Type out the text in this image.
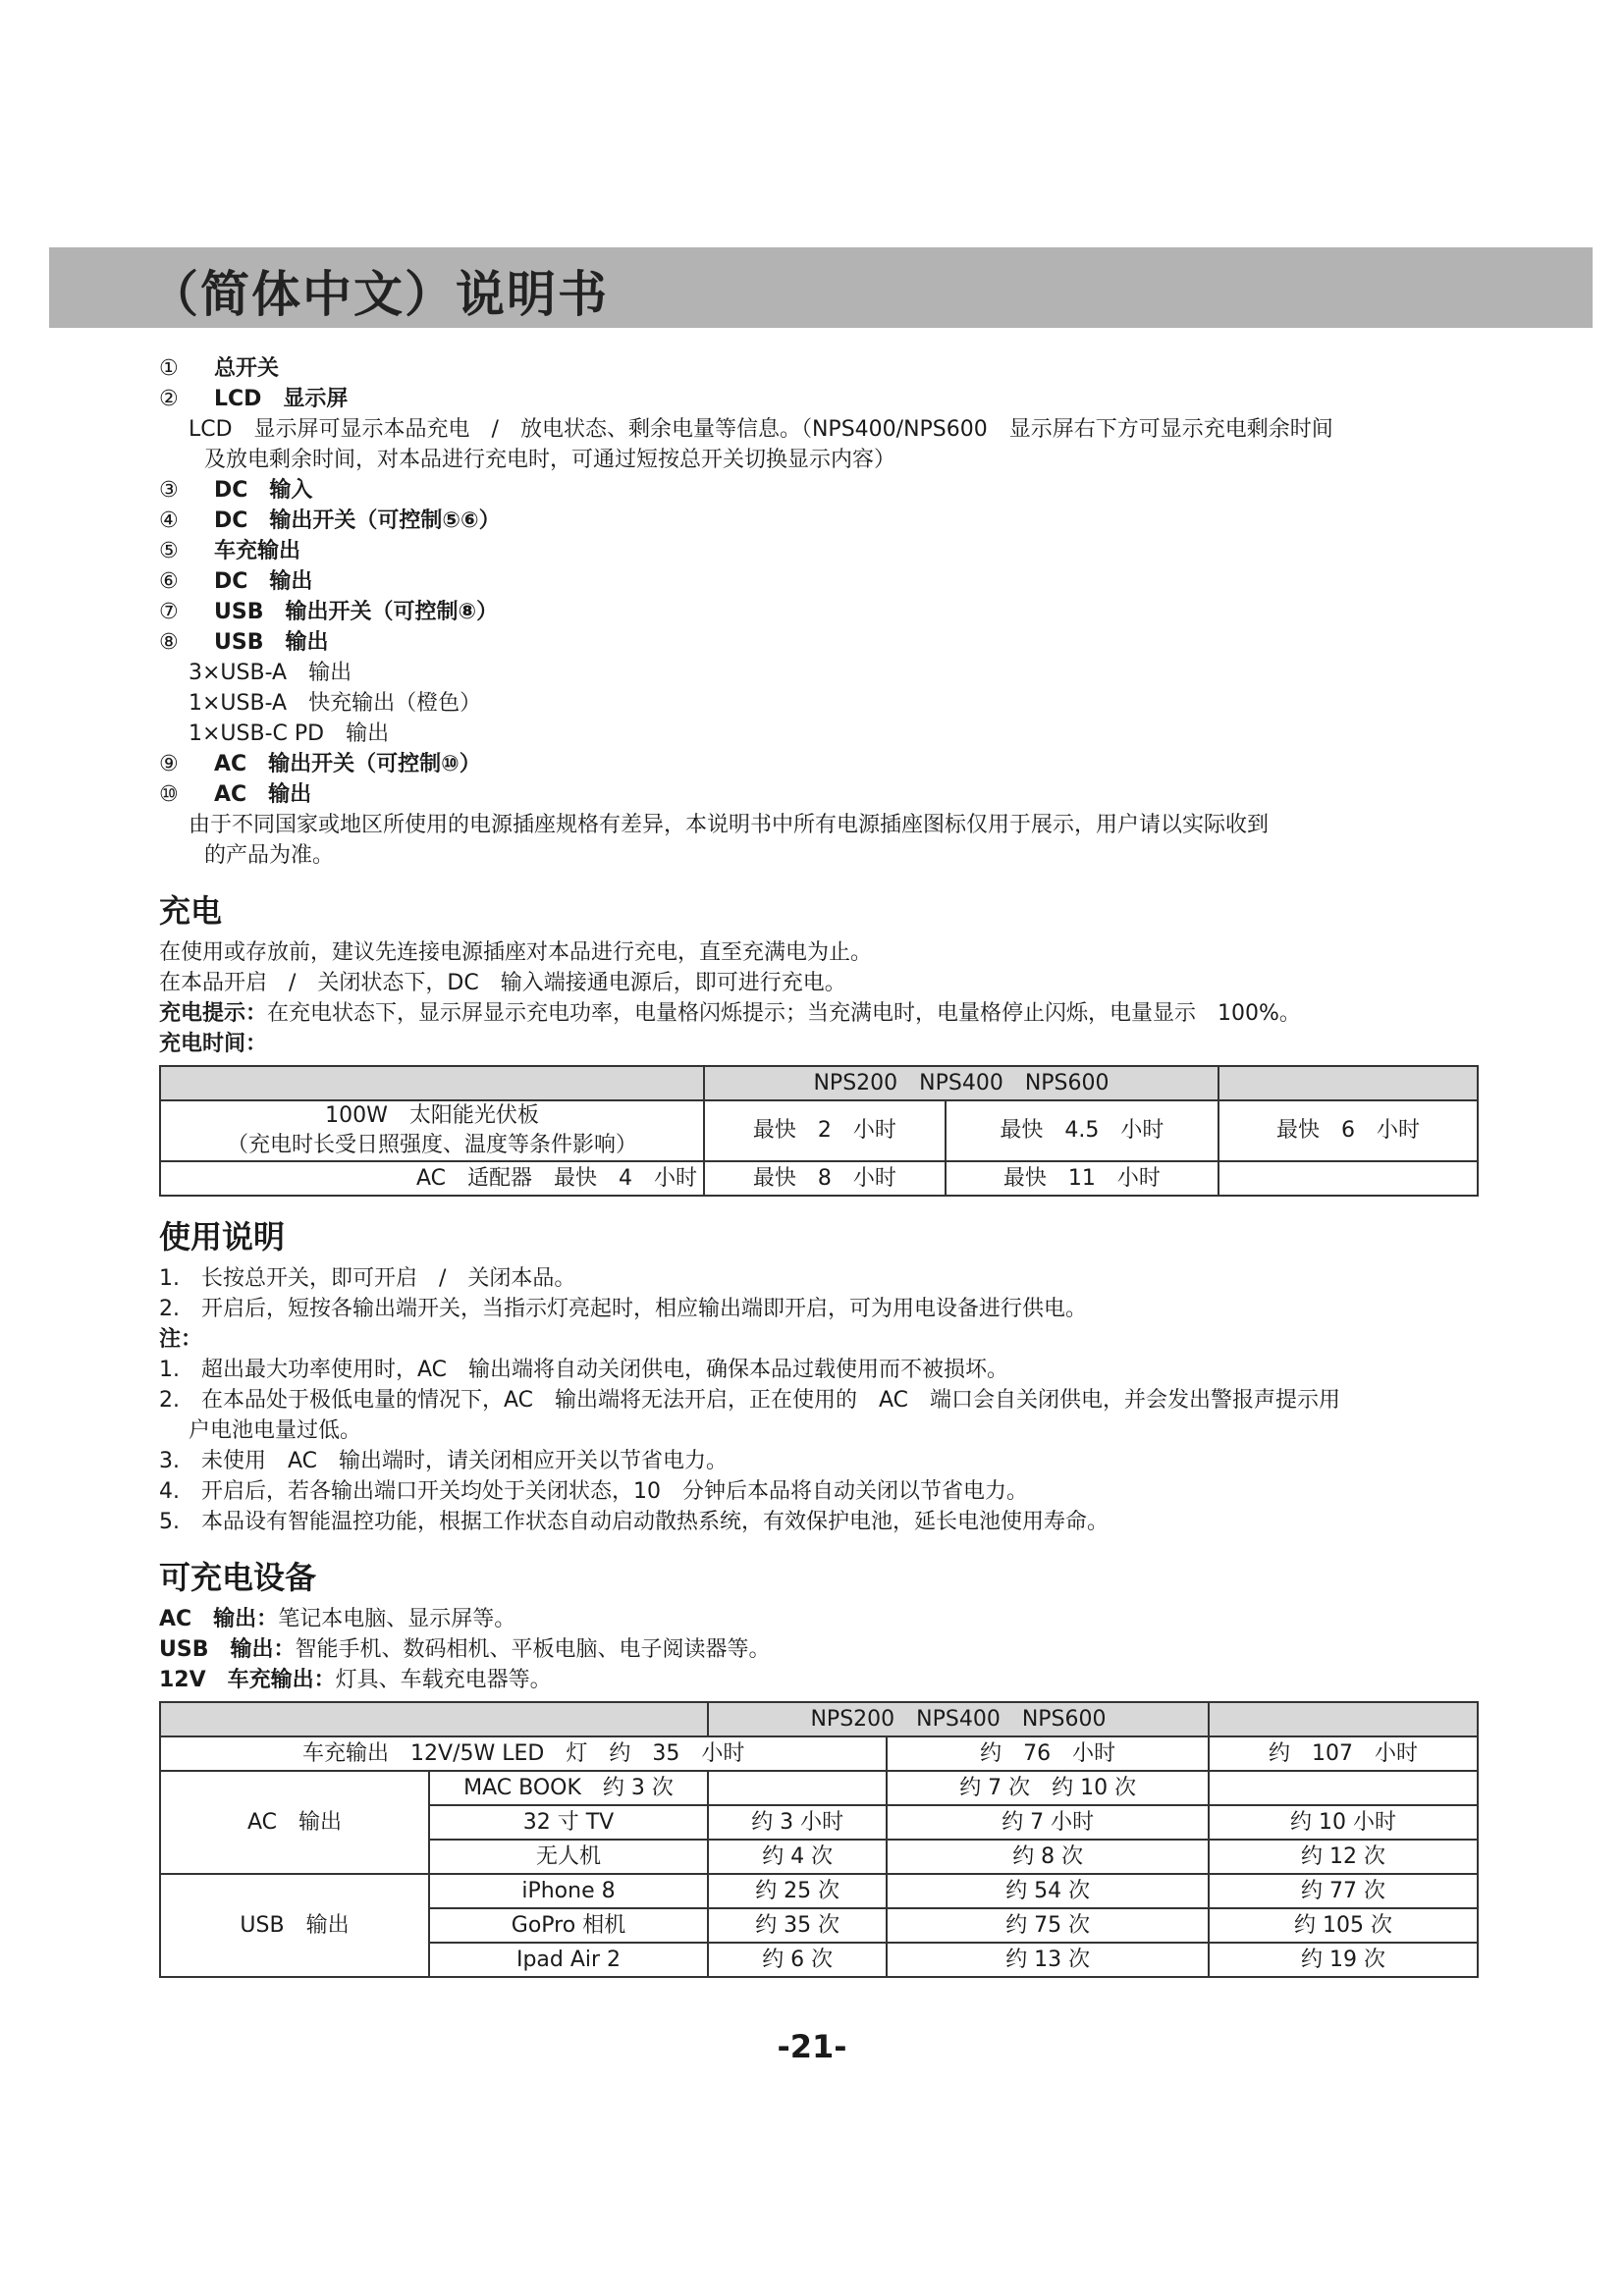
（简体中文）说明书
①	总开关
②	LCD　显示屏
LCD　显示屏可显示本品充电　/　放电状态、剩余电量等信息。（NPS400/NPS600　显示屏右下方可显示充电剩余时间
及放电剩余时间，对本品进行充电时，可通过短按总开关切换显示内容）
③	DC　输入
④	DC　输出开关（可控制⑤⑥）
⑤	车充输出
⑥	DC　输出
⑦	USB　输出开关（可控制⑧）
⑧	USB　输出
3×USB-A　输出
1×USB-A　快充输出（橙色）
1×USB-C PD　输出
⑨	AC　输出开关（可控制⑩）
⑩	AC　输出
由于不同国家或地区所使用的电源插座规格有差异，本说明书中所有电源插座图标仅用于展示，用户请以实际收到
的产品为准。
充电
在使用或存放前，建议先连接电源插座对本品进行充电，直至充满电为止。
在本品开启　/　关闭状态下，DC　输入端接通电源后，即可进行充电。
充电提示：在充电状态下，显示屏显示充电功率，电量格闪烁提示；当充满电时，电量格停止闪烁，电量显示　100%。
充电时间：
	NPS200　NPS400　NPS600		

100W　太阳能光伏板
（充电时长受日照强度、温度等条件影响）	最快　2　小时	最快　4.5　小时	最快　6　小时
AC　适配器　最快　4　小时	最快　8　小时	最快　11　小时	
使用说明
1.　长按总开关，即可开启　/　关闭本品。
2.　开启后，短按各输出端开关，当指示灯亮起时，相应输出端即开启，可为用电设备进行供电。
注：
1.　超出最大功率使用时，AC　输出端将自动关闭供电，确保本品过载使用而不被损坏。
2.　在本品处于极低电量的情况下，AC　输出端将无法开启，正在使用的　AC　端口会自关闭供电，并会发出警报声提示用
户电池电量过低。
3.　未使用　AC　输出端时，请关闭相应开关以节省电力。
4.　开启后，若各输出端口开关均处于关闭状态，10　分钟后本品将自动关闭以节省电力。
5.　本品设有智能温控功能，根据工作状态自动启动散热系统，有效保护电池，延长电池使用寿命。
可充电设备
AC　输出：笔记本电脑、显示屏等。
USB　输出：智能手机、数码相机、平板电脑、电子阅读器等。
12V　车充输出：灯具、车载充电器等。
		NPS200　NPS400　NPS600		
车充输出　12V/5W LED　灯　约　35　小时			约　76　小时	约　107　小时
AC　输出	MAC BOOK　约 3 次		约 7 次　约 10 次	
	32 寸 TV	约 3 小时	约 7 小时	约 10 小时
	无人机	约 4 次	约 8 次	约 12 次
USB　输出	iPhone 8	约 25 次	约 54 次	约 77 次
	GoPro 相机	约 35 次	约 75 次	约 105 次
	Ipad Air 2	约 6 次	约 13 次	约 19 次
-21-
